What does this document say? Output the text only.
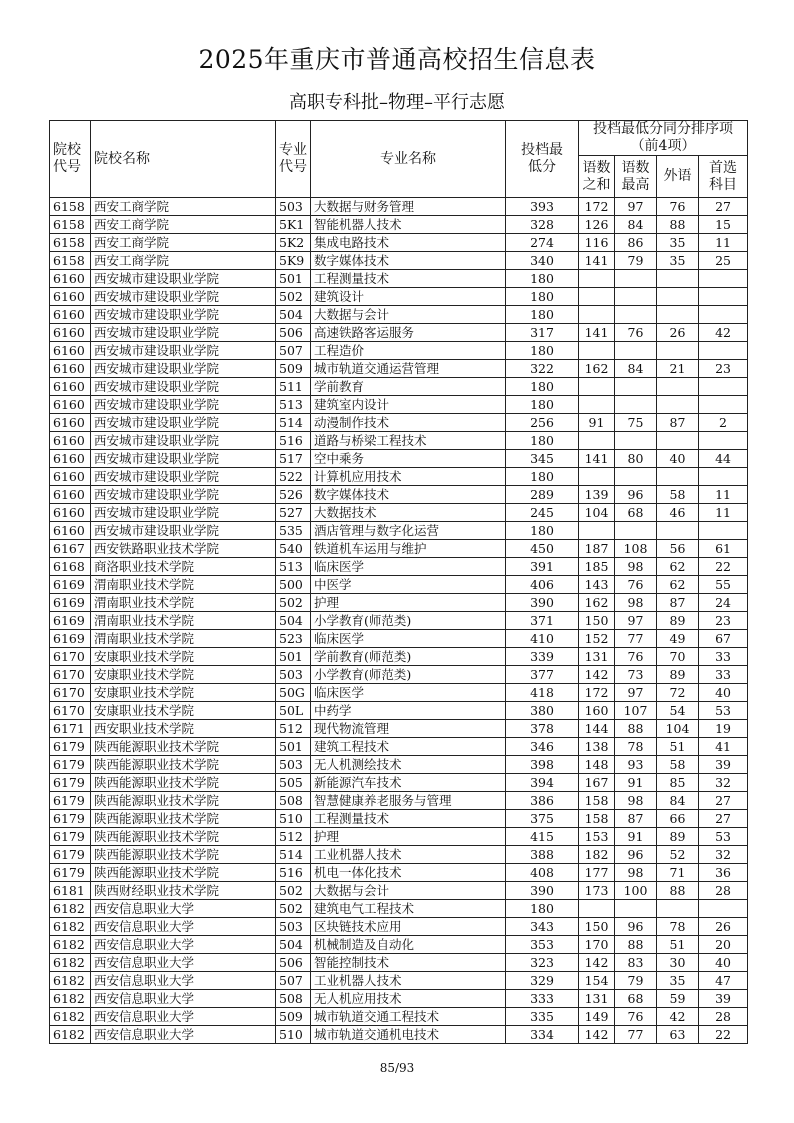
2025年重庆市普通高校招生信息表
高职专科批–物理–平行志愿
院校代号	院校名称	专业代号	专业名称	投档最低分	投档最低分同分排序项（前4项）			
					语数之和	语数最高	外语	首选科目
6158	西安工商学院	503	大数据与财务管理	393	172	97	76	27
6158	西安工商学院	5K1	智能机器人技术	328	126	84	88	15
6158	西安工商学院	5K2	集成电路技术	274	116	86	35	11
6158	西安工商学院	5K9	数字媒体技术	340	141	79	35	25
6160	西安城市建设职业学院	501	工程测量技术	180				
6160	西安城市建设职业学院	502	建筑设计	180				
6160	西安城市建设职业学院	504	大数据与会计	180				
6160	西安城市建设职业学院	506	高速铁路客运服务	317	141	76	26	42
6160	西安城市建设职业学院	507	工程造价	180				
6160	西安城市建设职业学院	509	城市轨道交通运营管理	322	162	84	21	23
6160	西安城市建设职业学院	511	学前教育	180				
6160	西安城市建设职业学院	513	建筑室内设计	180				
6160	西安城市建设职业学院	514	动漫制作技术	256	91	75	87	2
6160	西安城市建设职业学院	516	道路与桥梁工程技术	180				
6160	西安城市建设职业学院	517	空中乘务	345	141	80	40	44
6160	西安城市建设职业学院	522	计算机应用技术	180				
6160	西安城市建设职业学院	526	数字媒体技术	289	139	96	58	11
6160	西安城市建设职业学院	527	大数据技术	245	104	68	46	11
6160	西安城市建设职业学院	535	酒店管理与数字化运营	180				
6167	西安铁路职业技术学院	540	铁道机车运用与维护	450	187	108	56	61
6168	商洛职业技术学院	513	临床医学	391	185	98	62	22
6169	渭南职业技术学院	500	中医学	406	143	76	62	55
6169	渭南职业技术学院	502	护理	390	162	98	87	24
6169	渭南职业技术学院	504	小学教育(师范类)	371	150	97	89	23
6169	渭南职业技术学院	523	临床医学	410	152	77	49	67
6170	安康职业技术学院	501	学前教育(师范类)	339	131	76	70	33
6170	安康职业技术学院	503	小学教育(师范类)	377	142	73	89	33
6170	安康职业技术学院	50G	临床医学	418	172	97	72	40
6170	安康职业技术学院	50L	中药学	380	160	107	54	53
6171	西安职业技术学院	512	现代物流管理	378	144	88	104	19
6179	陕西能源职业技术学院	501	建筑工程技术	346	138	78	51	41
6179	陕西能源职业技术学院	503	无人机测绘技术	398	148	93	58	39
6179	陕西能源职业技术学院	505	新能源汽车技术	394	167	91	85	32
6179	陕西能源职业技术学院	508	智慧健康养老服务与管理	386	158	98	84	27
6179	陕西能源职业技术学院	510	工程测量技术	375	158	87	66	27
6179	陕西能源职业技术学院	512	护理	415	153	91	89	53
6179	陕西能源职业技术学院	514	工业机器人技术	388	182	96	52	32
6179	陕西能源职业技术学院	516	机电一体化技术	408	177	98	71	36
6181	陕西财经职业技术学院	502	大数据与会计	390	173	100	88	28
6182	西安信息职业大学	502	建筑电气工程技术	180				
6182	西安信息职业大学	503	区块链技术应用	343	150	96	78	26
6182	西安信息职业大学	504	机械制造及自动化	353	170	88	51	20
6182	西安信息职业大学	506	智能控制技术	323	142	83	30	40
6182	西安信息职业大学	507	工业机器人技术	329	154	79	35	47
6182	西安信息职业大学	508	无人机应用技术	333	131	68	59	39
6182	西安信息职业大学	509	城市轨道交通工程技术	335	149	76	42	28
6182	西安信息职业大学	510	城市轨道交通机电技术	334	142	77	63	22
85/93
